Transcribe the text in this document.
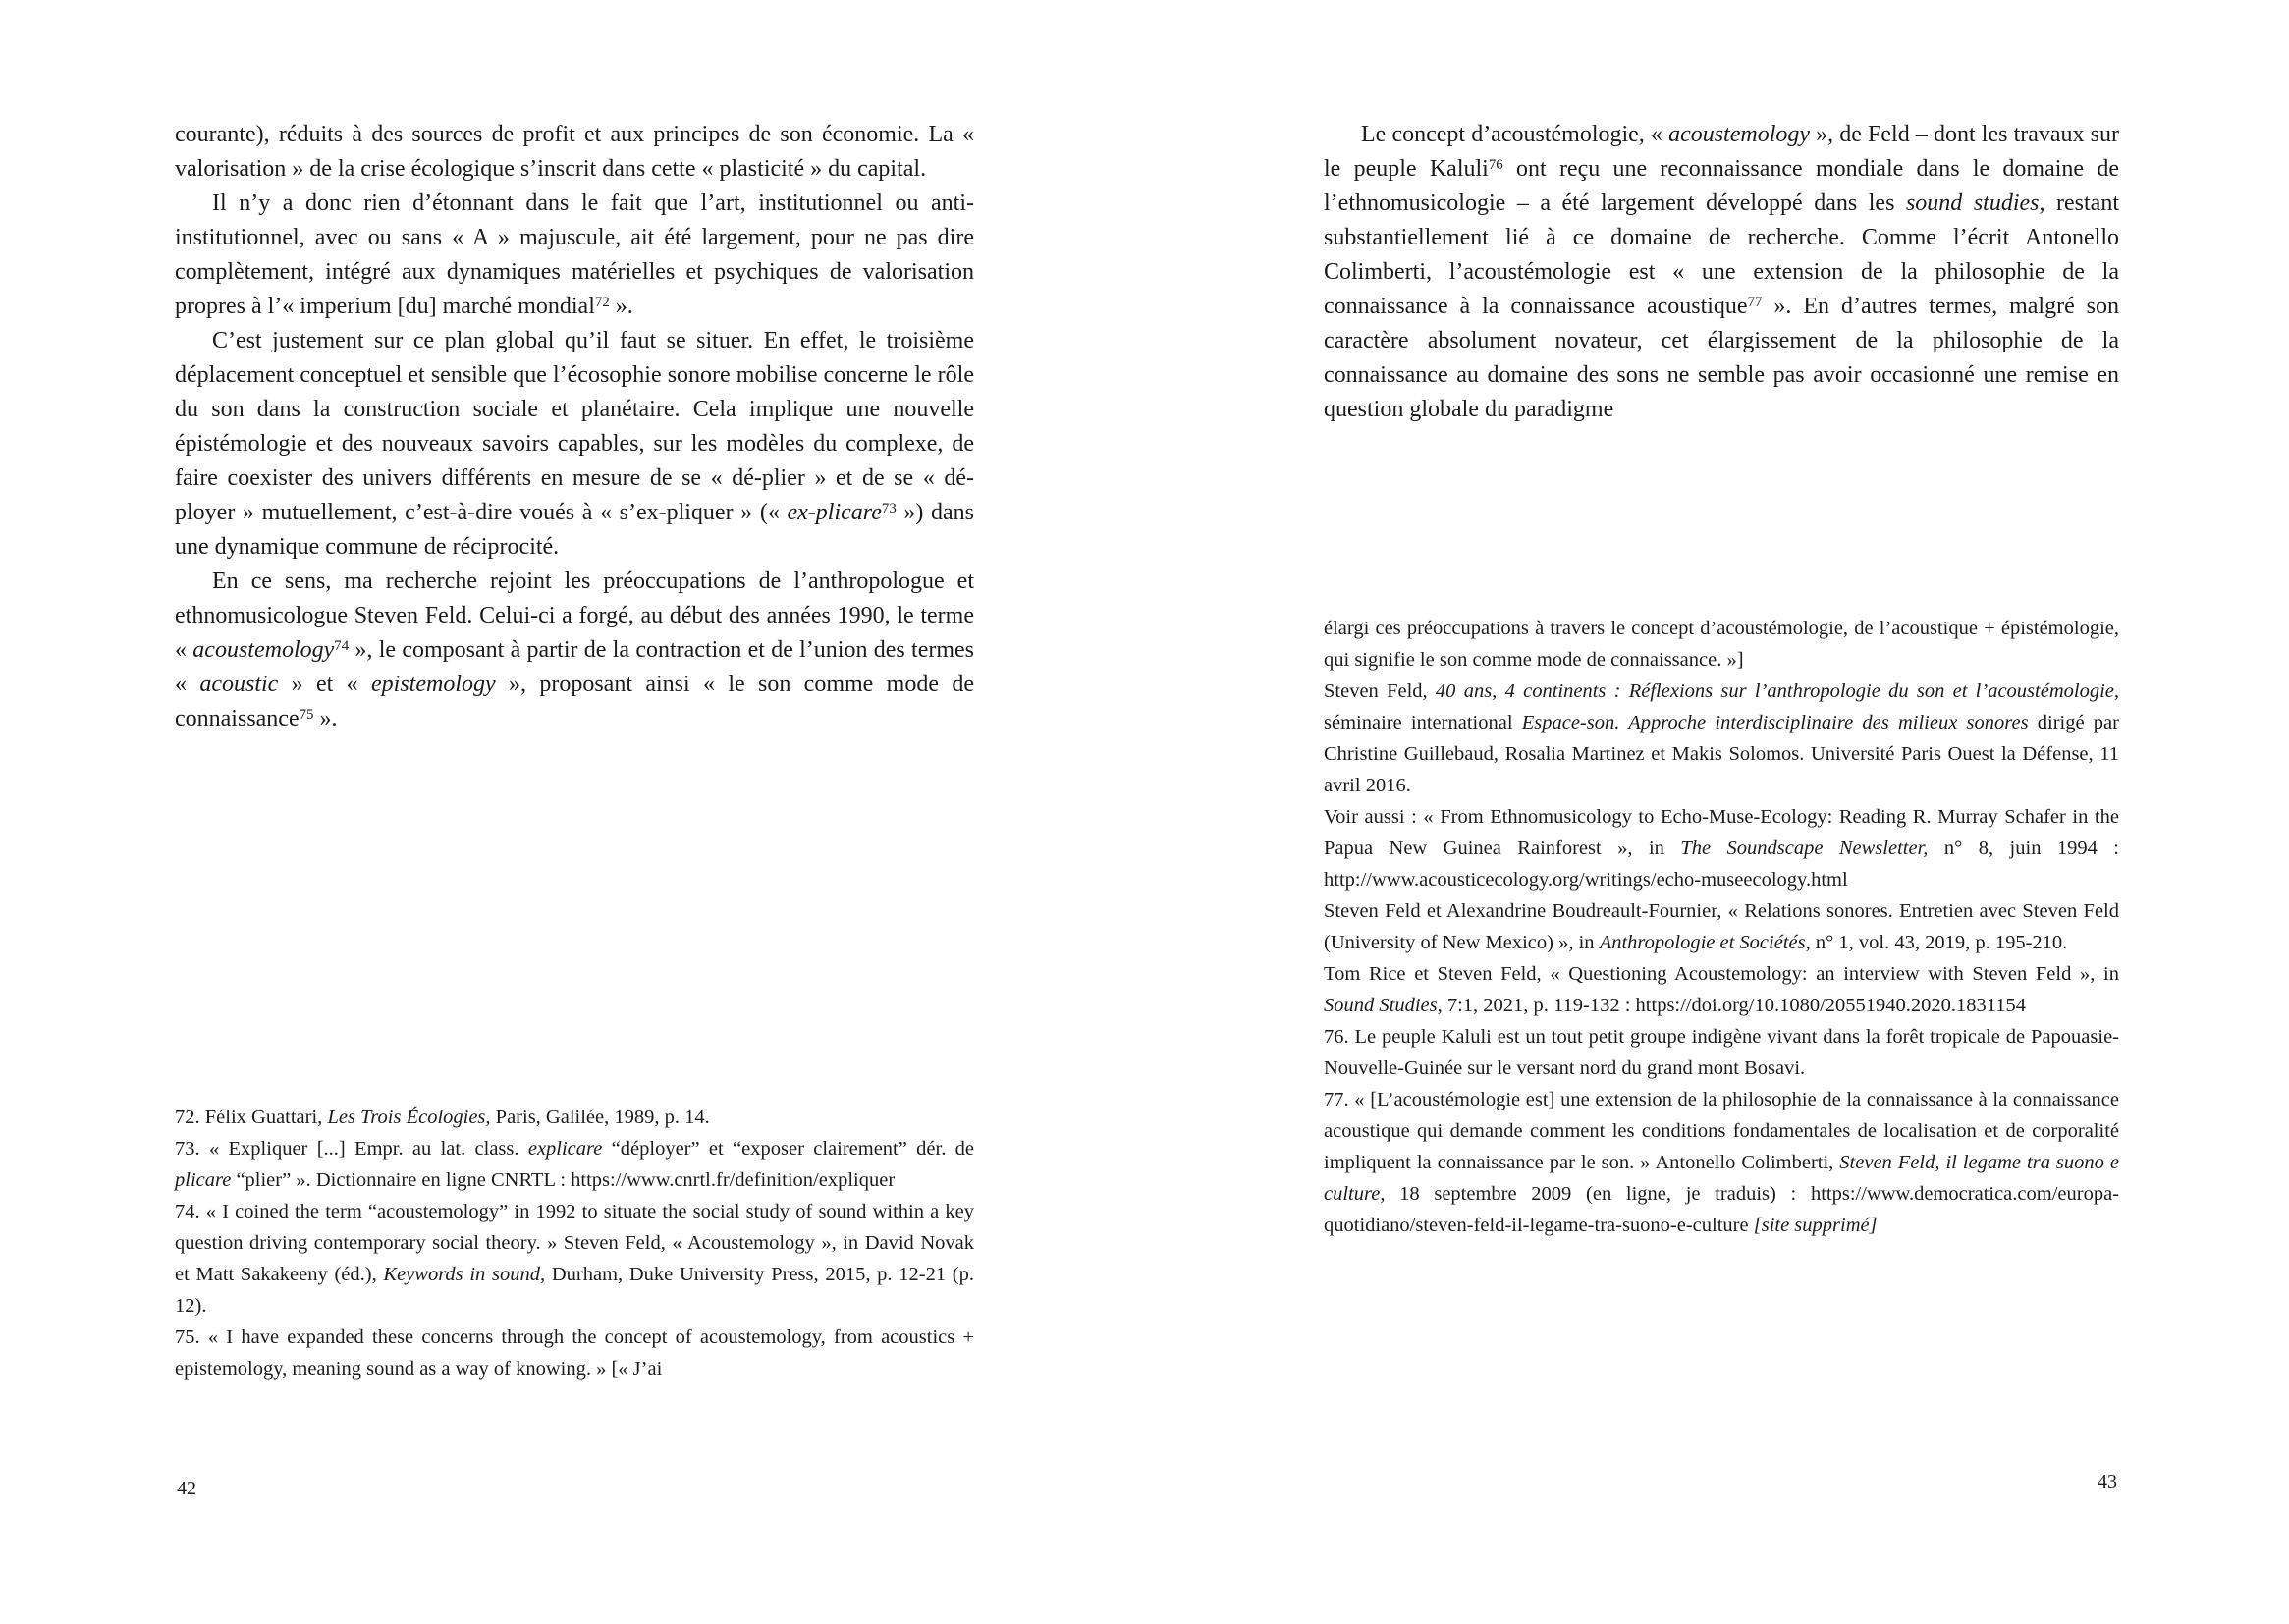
courante), réduits à des sources de profit et aux principes de son économie. La « valorisation » de la crise écologique s’inscrit dans cette « plasticité » du capital.

Il n’y a donc rien d’étonnant dans le fait que l’art, institutionnel ou anti-institutionnel, avec ou sans « A » majuscule, ait été largement, pour ne pas dire complètement, intégré aux dynamiques matérielles et psychiques de valorisation propres à l’« imperium [du] marché mondial$^{72}$ ».

C’est justement sur ce plan global qu’il faut se situer. En effet, le troisième déplacement conceptuel et sensible que l’écosophie sonore mobilise concerne le rôle du son dans la construction sociale et planétaire. Cela implique une nouvelle épistémologie et des nouveaux savoirs capables, sur les modèles du complexe, de faire coexister des univers différents en mesure de se « dé-plier » et de se « dé-ployer » mutuellement, c’est-à-dire voués à « s’ex-pliquer » (« ex-plicare$^{73}$ ») dans une dynamique commune de réciprocité.

En ce sens, ma recherche rejoint les préoccupations de l’anthropologue et ethnomusicologue Steven Feld. Celui-ci a forgé, au début des années 1990, le terme « acoustemology$^{74}$ », le composant à partir de la contraction et de l’union des termes « acoustic » et « epistemology », proposant ainsi « le son comme mode de connaissance$^{75}$ ».

72. Félix Guattari, Les Trois Écologies, Paris, Galilée, 1989, p. 14.

73. « Expliquer [...] Empr. au lat. class. explicare “déployer” et “exposer clairement” dér. de plicare “plier” ». Dictionnaire en ligne CNRTL : https://www.cnrtl.fr/definition/expliquer

74. « I coined the term “acoustemology” in 1992 to situate the social study of sound within a key question driving contemporary social theory. » Steven Feld, « Acoustemology », in David Novak et Matt Sakakeeny (éd.), Keywords in sound, Durham, Duke University Press, 2015, p. 12-21 (p. 12).

75. « I have expanded these concerns through the concept of acoustemology, from acoustics + epistemology, meaning sound as a way of knowing. » [« J’ai

42

Le concept d’acoustémologie, « acoustemology », de Feld – dont les travaux sur le peuple Kaluli$^{76}$ ont reçu une reconnaissance mondiale dans le domaine de l’ethnomusicologie – a été largement développé dans les sound studies, restant substantiellement lié à ce domaine de recherche. Comme l’écrit Antonello Colimberti, l’acoustémologie est « une extension de la philosophie de la connaissance à la connaissance acoustique$^{77}$ ». En d’autres termes, malgré son caractère absolument novateur, cet élargissement de la philosophie de la connaissance au domaine des sons ne semble pas avoir occasionné une remise en question globale du paradigme

élargi ces préoccupations à travers le concept d’acoustémologie, de l’acoustique + épistémologie, qui signifie le son comme mode de connaissance. »]

Steven Feld, 40 ans, 4 continents : Réflexions sur l’anthropologie du son et l’acoustémologie, séminaire international Espace-son. Approche interdisciplinaire des milieux sonores dirigé par Christine Guillebaud, Rosalia Martinez et Makis Solomos. Université Paris Ouest la Défense, 11 avril 2016.

Voir aussi : « From Ethnomusicology to Echo-Muse-Ecology: Reading R. Murray Schafer in the Papua New Guinea Rainforest », in The Soundscape Newsletter, n° 8, juin 1994 : http://www.acousticecology.org/writings/echo-museecology.html

Steven Feld et Alexandrine Boudreault-Fournier, « Relations sonores. Entretien avec Steven Feld (University of New Mexico) », in Anthropologie et Sociétés, n° 1, vol. 43, 2019, p. 195-210.

Tom Rice et Steven Feld, « Questioning Acoustemology: an interview with Steven Feld », in Sound Studies, 7:1, 2021, p. 119-132 : https://doi.org/10.1080/20551940.2020.1831154

76. Le peuple Kaluli est un tout petit groupe indigène vivant dans la forêt tropicale de Papouasie-Nouvelle-Guinée sur le versant nord du grand mont Bosavi.

77. « [L’acoustémologie est] une extension de la philosophie de la connaissance à la connaissance acoustique qui demande comment les conditions fondamentales de localisation et de corporalité impliquent la connaissance par le son. » Antonello Colimberti, Steven Feld, il legame tra suono e culture, 18 septembre 2009 (en ligne, je traduis) : https://www.democratica.com/europa-quotidiano/steven-feld-il-legame-tra-suono-e-culture [site supprimé]

43
